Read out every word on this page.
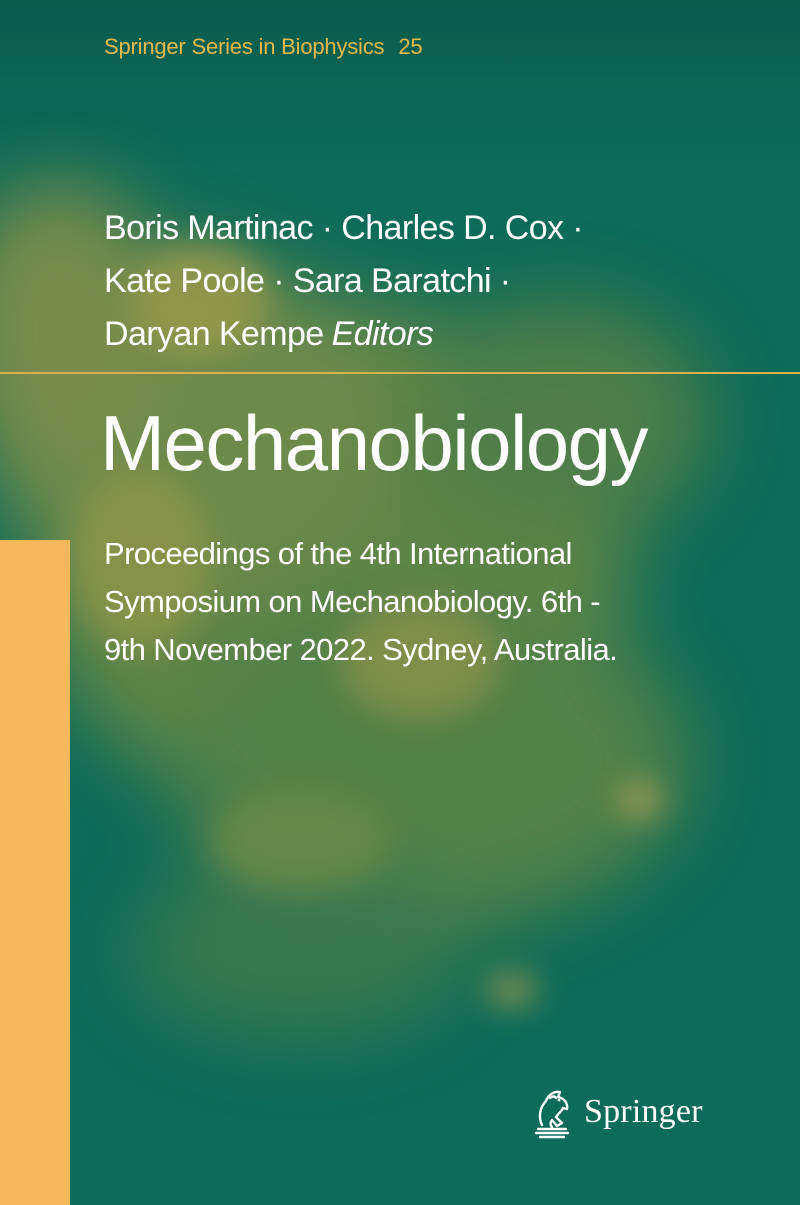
Springer Series in Biophysics 25
Boris Martinac · Charles D. Cox ·
Kate Poole · Sara Baratchi ·
Daryan Kempe Editors
Mechanobiology
Proceedings of the 4th International
Symposium on Mechanobiology. 6th -
9th November 2022. Sydney, Australia.
Springer
